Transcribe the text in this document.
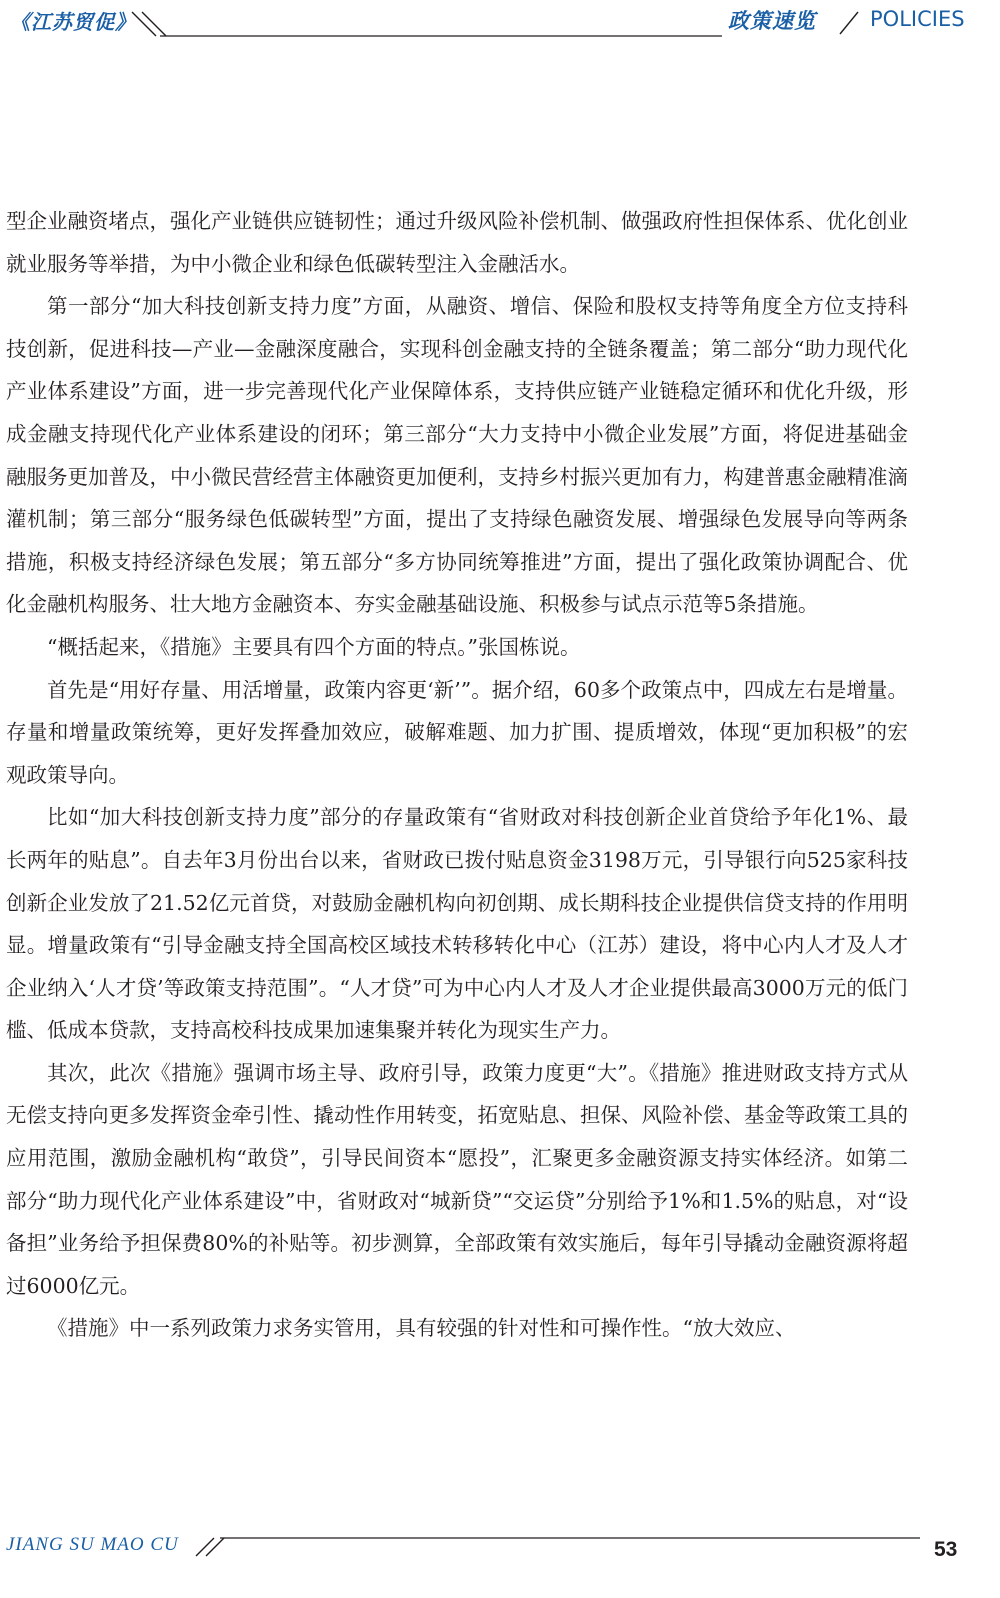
《江苏贸促》	政策速览	POLICIES

型企业融资堵点，强化产业链供应链韧性；通过升级风险补偿机制、做强政府性担保体系、优化创业就业服务等举措，为中小微企业和绿色低碳转型注入金融活水。

第一部分“加大科技创新支持力度”方面，从融资、增信、保险和股权支持等角度全方位支持科技创新，促进科技—产业—金融深度融合，实现科创金融支持的全链条覆盖；第二部分“助力现代化产业体系建设”方面，进一步完善现代化产业保障体系，支持供应链产业链稳定循环和优化升级，形成金融支持现代化产业体系建设的闭环；第三部分“大力支持中小微企业发展”方面，将促进基础金融服务更加普及，中小微民营经营主体融资更加便利，支持乡村振兴更加有力，构建普惠金融精准滴灌机制；第三部分“服务绿色低碳转型”方面，提出了支持绿色融资发展、增强绿色发展导向等两条措施，积极支持经济绿色发展；第五部分“多方协同统筹推进”方面，提出了强化政策协调配合、优化金融机构服务、壮大地方金融资本、夯实金融基础设施、积极参与试点示范等5条措施。

“概括起来，《措施》主要具有四个方面的特点。”张国栋说。

首先是“用好存量、用活增量，政策内容更‘新’”。据介绍，60多个政策点中，四成左右是增量。存量和增量政策统筹，更好发挥叠加效应，破解难题、加力扩围、提质增效，体现“更加积极”的宏观政策导向。

比如“加大科技创新支持力度”部分的存量政策有“省财政对科技创新企业首贷给予年化1%、最长两年的贴息”。自去年3月份出台以来，省财政已拨付贴息资金3198万元，引导银行向525家科技创新企业发放了21.52亿元首贷，对鼓励金融机构向初创期、成长期科技企业提供信贷支持的作用明显。增量政策有“引导金融支持全国高校区域技术转移转化中心（江苏）建设，将中心内人才及人才企业纳入‘人才贷’等政策支持范围”。“人才贷”可为中心内人才及人才企业提供最高3000万元的低门槛、低成本贷款，支持高校科技成果加速集聚并转化为现实生产力。

其次，此次《措施》强调市场主导、政府引导，政策力度更“大”。《措施》推进财政支持方式从无偿支持向更多发挥资金牵引性、撬动性作用转变，拓宽贴息、担保、风险补偿、基金等政策工具的应用范围，激励金融机构“敢贷”，引导民间资本“愿投”，汇聚更多金融资源支持实体经济。如第二部分“助力现代化产业体系建设”中，省财政对“城新贷”“交运贷”分别给予1%和1.5%的贴息，对“设备担”业务给予担保费80%的补贴等。初步测算，全部政策有效实施后，每年引导撬动金融资源将超过6000亿元。

《措施》中一系列政策力求务实管用，具有较强的针对性和可操作性。“放大效应、

JIANG SU MAO CU	53
